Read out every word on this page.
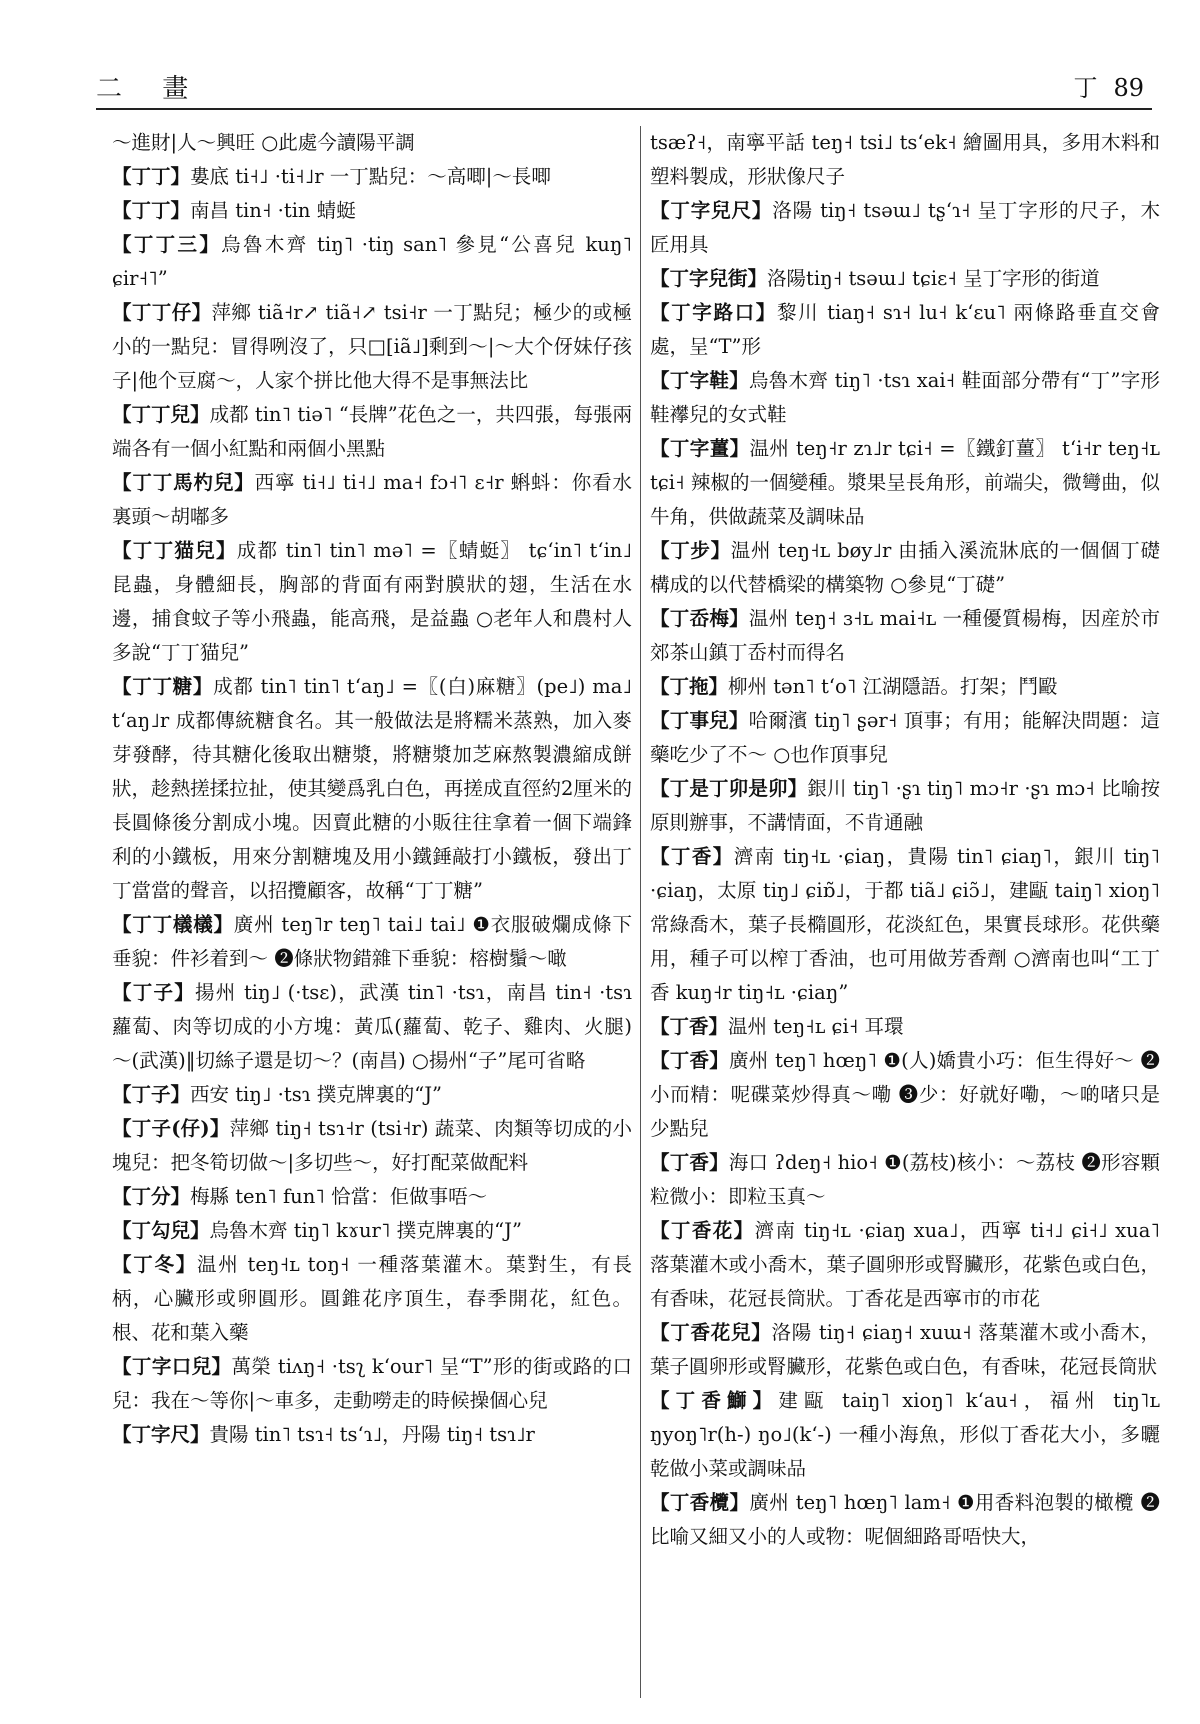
二 畫	丁 89

～進財|人～興旺 ○此處今讀陽平調

【丁丁】婁底 ti˧˩ ·ti˧˩r 一丁點兒：～高唧|～長唧

【丁丁】南昌 tin˧ ·tin 蜻蜓

【丁丁三】烏魯木齊 tiŋ˥ ·tiŋ san˥ 參見“公喜兒 kuŋ˥ ɕir˧˥”

【丁丁仔】萍鄉 tiã˧r↗ tiã˧↗ tsi˧r 一丁點兒；極少的或極小的一點兒：冒得咧沒了，只□[iã˩]剩到～|～大个伢妹仔孩子|他个豆腐～，人家个拼比他大得不是事無法比

【丁丁兒】成都 tin˥ tiə˥ “長牌”花色之一，共四張，每張兩端各有一個小紅點和兩個小黑點

【丁丁馬杓兒】西寧 ti˧˩ ti˧˩ ma˧ fɔ˧˥ ɛ˧r 蝌蚪：你看水裏頭～胡嘟多

【丁丁猫兒】成都 tin˥ tin˥ mə˥ =〖蜻蜓〗 tɕʻin˥ tʻin˩ 昆蟲，身體細長，胸部的背面有兩對膜狀的翅，生活在水邊，捕食蚊子等小飛蟲，能高飛，是益蟲 ○老年人和農村人多說“丁丁猫兒”

【丁丁糖】成都 tin˥ tin˥ tʻaŋ˩ =〖(白)麻糖〗(pe˩) ma˩ tʻaŋ˩r 成都傳統糖食名。其一般做法是將糯米蒸熟，加入麥芽發酵，待其糖化後取出糖漿，將糖漿加芝麻熬製濃縮成餅狀，趁熱搓揉拉扯，使其變爲乳白色，再搓成直徑約2厘米的長圓條後分割成小塊。因賣此糖的小販往往拿着一個下端鋒利的小鐵板，用來分割糖塊及用小鐵錘敲打小鐵板，發出丁丁當當的聲音，以招攬顧客，故稱“丁丁糖”

【丁丁檥檥】廣州 teŋ˥r teŋ˥ tai˩ tai˩ ❶衣服破爛成條下垂貌：件衫着到～ ❷條狀物錯雜下垂貌：榕樹鬚～噉

【丁子】揚州 tiŋ˩ (·tsɛ)，武漢 tin˥ ·tsɿ，南昌 tin˧ ·tsɿ 蘿蔔、肉等切成的小方塊：黃瓜(蘿蔔、乾子、雞肉、火腿)～(武漢)‖切絲子還是切～？(南昌) ○揚州“子”尾可省略

【丁子】西安 tiŋ˩ ·tsɿ 撲克牌裏的“J”

【丁子(仔)】萍鄉 tiŋ˧ tsɿ˧r (tsi˧r) 蔬菜、肉類等切成的小塊兒：把冬筍切做～|多切些～，好打配菜做配料

【丁分】梅縣 ten˥ fun˥ 恰當：佢做事唔～

【丁勾兒】烏魯木齊 tiŋ˥ kɤur˥ 撲克牌裏的“J”

【丁冬】温州 teŋ˧ʟ toŋ˧ 一種落葉灌木。葉對生，有長柄，心臟形或卵圓形。圓錐花序頂生，春季開花，紅色。根、花和葉入藥

【丁字口兒】萬榮 tiʌŋ˧ ·tsʅ kʻour˥ 呈“T”形的街或路的口兒：我在～等你|～車多，走動嘮走的時候操個心兒

【丁字尺】貴陽 tin˥ tsɿ˧ tsʻɿ˩，丹陽 tiŋ˧ tsɿ˩r

tsæʔ˧，南寧平話 teŋ˧ tsi˩ tsʻek˧ 繪圖用具，多用木料和塑料製成，形狀像尺子

【丁字兒尺】洛陽 tiŋ˧ tsəɯ˩ tʂʻɿ˧ 呈丁字形的尺子，木匠用具

【丁字兒街】洛陽tiŋ˧ tsəɯ˩ tɕiɛ˧ 呈丁字形的街道

【丁字路口】黎川 tiaŋ˧ sɿ˧ lu˧ kʻɛu˥ 兩條路垂直交會處，呈“T”形

【丁字鞋】烏魯木齊 tiŋ˥ ·tsɿ xai˧ 鞋面部分帶有“丁”字形鞋襻兒的女式鞋

【丁字薑】温州 teŋ˧r zɿ˩r tɕi˧ =〖鐵釘薑〗 tʻi˧r teŋ˧ʟ tɕi˧ 辣椒的一個變種。漿果呈長角形，前端尖，微彎曲，似牛角，供做蔬菜及調味品

【丁步】温州 teŋ˧ʟ bøy˩r 由插入溪流牀底的一個個丁礎構成的以代替橋梁的構築物 ○參見“丁礎”

【丁岙梅】温州 teŋ˧ ɜ˧ʟ mai˧ʟ 一種優質楊梅，因産於市郊茶山鎮丁岙村而得名

【丁拖】柳州 tən˥ tʻo˥ 江湖隱語。打架；鬥毆

【丁事兒】哈爾濱 tiŋ˥ ʂər˧ 頂事；有用；能解決問題：這藥吃少了不～ ○也作頂事兒

【丁是丁卯是卯】銀川 tiŋ˥ ·ʂɿ tiŋ˥ mɔ˧r ·ʂɿ mɔ˧ 比喻按原則辦事，不講情面，不肯通融

【丁香】濟南 tiŋ˧ʟ ·ɕiaŋ，貴陽 tin˥ ɕiaŋ˥，銀川 tiŋ˥ ·ɕiaŋ，太原 tiŋ˩ ɕiɒ̃˩，于都 tiã˩ ɕiɔ̃˩，建甌 taiŋ˥ xioŋ˥ 常綠喬木，葉子長橢圓形，花淡紅色，果實長球形。花供藥用，種子可以榨丁香油，也可用做芳香劑 ○濟南也叫“工丁香 kuŋ˧r tiŋ˧ʟ ·ɕiaŋ”

【丁香】温州 teŋ˧ʟ ɕi˧ 耳環

【丁香】廣州 teŋ˥ hœŋ˥ ❶(人)嬌貴小巧：佢生得好～ ❷小而精：呢碟菜炒得真～嘞 ❸少：好就好嘞，～啲啫只是少點兒

【丁香】海口 ʔdeŋ˧ hio˧ ❶(荔枝)核小：～荔枝 ❷形容顆粒微小：即粒玉真～

【丁香花】濟南 tiŋ˧ʟ ·ɕiaŋ xua˩，西寧 ti˧˩ ɕi˧˩ xua˥ 落葉灌木或小喬木，葉子圓卵形或腎臟形，花紫色或白色，有香味，花冠長筒狀。丁香花是西寧市的市花

【丁香花兒】洛陽 tiŋ˧ ɕiaŋ˧ xuɯ˧ 落葉灌木或小喬木，葉子圓卵形或腎臟形，花紫色或白色，有香味，花冠長筒狀

【丁香鰤】建甌 taiŋ˥ xioŋ˥ kʻau˧，福州 tiŋ˥ʟ ŋyoŋ˥r(h-) ŋo˩(kʻ-) 一種小海魚，形似丁香花大小，多曬乾做小菜或調味品

【丁香欖】廣州 teŋ˥ hœŋ˥ lam˧ ❶用香料泡製的橄欖 ❷比喻又細又小的人或物：呢個細路哥唔快大，
